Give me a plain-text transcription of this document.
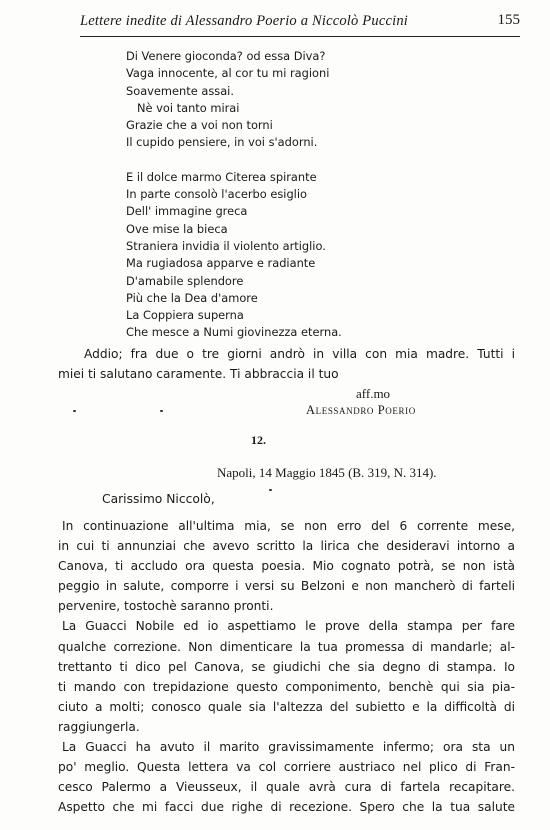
Lettere inedite di Alessandro Poerio a Niccolò Puccini	155
Di Venere gioconda? od essa Diva?
Vaga innocente, al cor tu mi ragioni
Soavemente assai.
Nè voi tanto mirai
Grazie che a voi non torni
Il cupido pensiere, in voi s'adorni.
E il dolce marmo Citerea spirante
In parte consolò l'acerbo esiglio
Dell' immagine greca
Ove mise la bieca
Straniera invidia il violento artiglio.
Ma rugiadosa apparve e radiante
D'amabile splendore
Più che la Dea d'amore
La Coppiera superna
Che mesce a Numi giovinezza eterna.
Addio; fra due o tre giorni andrò in villa con mia madre. Tutti i
miei ti salutano caramente. Ti abbraccia il tuo
aff.mo
Alessandro Poerio
12.
Napoli, 14 Maggio 1845 (B. 319, N. 314).
Carissimo Niccolò,
In continuazione all'ultima mia, se non erro del 6 corrente mese,
in cui ti annunziai che avevo scritto la lirica che desideravi intorno a
Canova, ti accludo ora questa poesia. Mio cognato potrà, se non istà
peggio in salute, comporre i versi su Belzoni e non mancherò di farteli
pervenire, tostochè saranno pronti.
La Guacci Nobile ed io aspettiamo le prove della stampa per fare
qualche correzione. Non dimenticare la tua promessa di mandarle; al-
trettanto ti dico pel Canova, se giudichi che sia degno di stampa. Io
ti mando con trepidazione questo componimento, benchè qui sia pia-
ciuto a molti; conosco quale sia l'altezza del subietto e la difficoltà di
raggiungerla.
La Guacci ha avuto il marito gravissimamente infermo; ora sta un
po' meglio. Questa lettera va col corriere austriaco nel plico di Fran-
cesco Palermo a Vieusseux, il quale avrà cura di fartela recapitare.
Aspetto che mi facci due righe di recezione. Spero che la tua salute
